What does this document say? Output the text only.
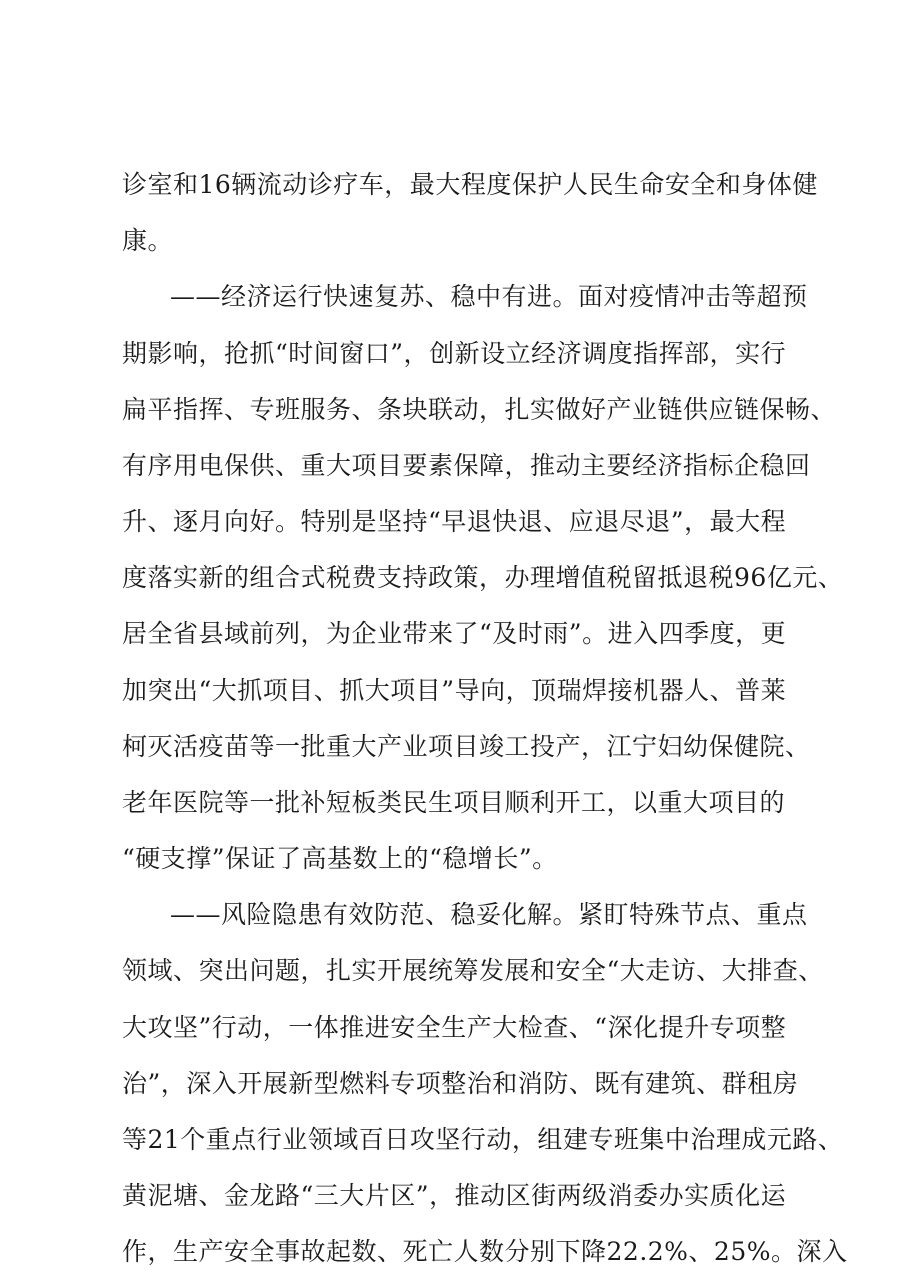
诊室和16辆流动诊疗车，最大程度保护人民生命安全和身体健
康。
——经济运行快速复苏、稳中有进。面对疫情冲击等超预
期影响，抢抓“时间窗口”，创新设立经济调度指挥部，实行
扁平指挥、专班服务、条块联动，扎实做好产业链供应链保畅、
有序用电保供、重大项目要素保障，推动主要经济指标企稳回
升、逐月向好。特别是坚持“早退快退、应退尽退”，最大程
度落实新的组合式税费支持政策，办理增值税留抵退税96亿元、
居全省县域前列，为企业带来了“及时雨”。进入四季度，更
加突出“大抓项目、抓大项目”导向，顶瑞焊接机器人、普莱
柯灭活疫苗等一批重大产业项目竣工投产，江宁妇幼保健院、
老年医院等一批补短板类民生项目顺利开工，以重大项目的
“硬支撑”保证了高基数上的“稳增长”。
——风险隐患有效防范、稳妥化解。紧盯特殊节点、重点
领域、突出问题，扎实开展统筹发展和安全“大走访、大排查、
大攻坚”行动，一体推进安全生产大检查、“深化提升专项整
治”，深入开展新型燃料专项整治和消防、既有建筑、群租房
等21个重点行业领域百日攻坚行动，组建专班集中治理成元路、
黄泥塘、金龙路“三大片区”，推动区街两级消委办实质化运
作，生产安全事故起数、死亡人数分别下降22.2%、25%。深入
